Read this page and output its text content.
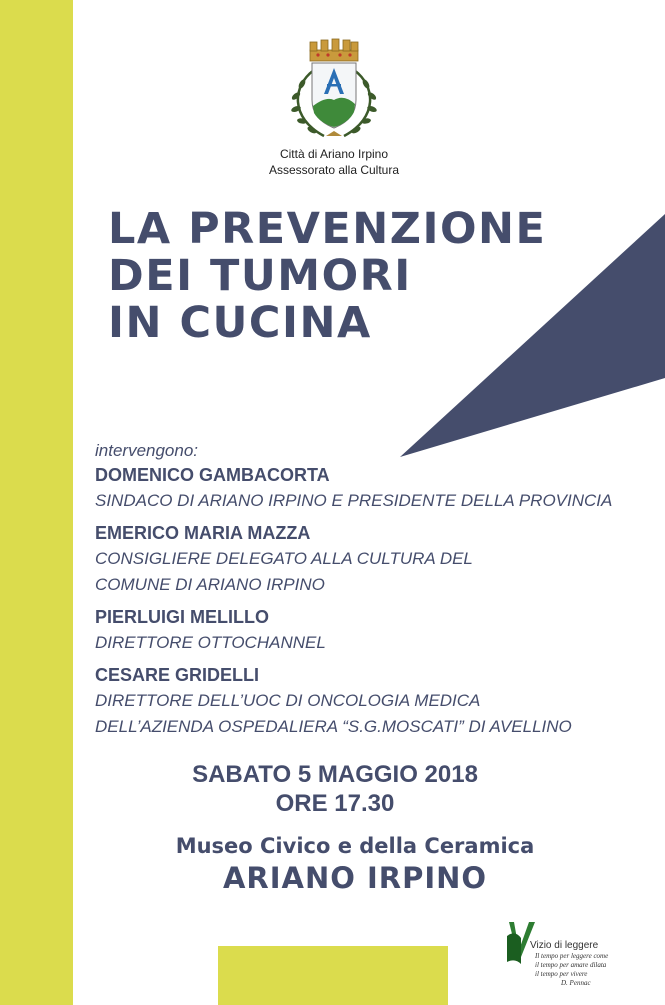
Città di Ariano Irpino
Assessorato alla Cultura
LA PREVENZIONE
DEI TUMORI
IN CUCINA
intervengono:
DOMENICO GAMBACORTA
SINDACO DI ARIANO IRPINO E PRESIDENTE DELLA PROVINCIA
EMERICO MARIA MAZZA
CONSIGLIERE DELEGATO ALLA CULTURA DEL
COMUNE DI ARIANO IRPINO
PIERLUIGI MELILLO
DIRETTORE OTTOCHANNEL
CESARE GRIDELLI
DIRETTORE DELL’UOC DI ONCOLOGIA MEDICA
DELL’AZIENDA OSPEDALIERA “S.G.MOSCATI” DI AVELLINO
SABATO 5 MAGGIO 2018
ORE 17.30
Museo Civico e della Ceramica
ARIANO IRPINO
Vizio di leggere
Il tempo per leggere come
il tempo per amare dilata
il tempo per vivere
D. Pennac
